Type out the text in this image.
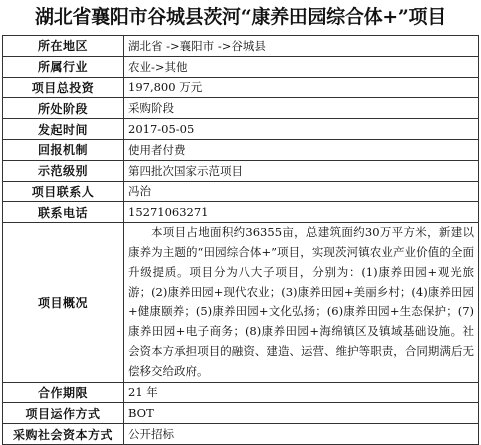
湖北省襄阳市谷城县茨河“康养田园综合体+”项目
所在地区	湖北省 ->襄阳市 ->谷城县
所属行业	农业->其他
项目总投资	197,800 万元
所处阶段	采购阶段
发起时间	2017-05-05
回报机制	使用者付费
示范级别	第四批次国家示范项目
项目联系人	冯治
联系电话	15271063271
项目概况	本项目占地面积约36355亩，总建筑面约30万平方米，新建以康养为主题的“田园综合体+”项目，实现茨河镇农业产业价值的全面升级提质。项目分为八大子项目，分别为：(1)康养田园+观光旅游；(2)康养田园+现代农业；(3)康养田园+美丽乡村；(4)康养田园+健康颐养；(5)康养田园+文化弘扬；(6)康养田园+生态保护；(7)康养田园+电子商务；(8)康养田园+海绵镇区及镇域基础设施。社会资本方承担项目的融资、建造、运营、维护等职责，合同期满后无偿移交给政府。
合作期限	21 年
项目运作方式	BOT
采购社会资本方式	公开招标
